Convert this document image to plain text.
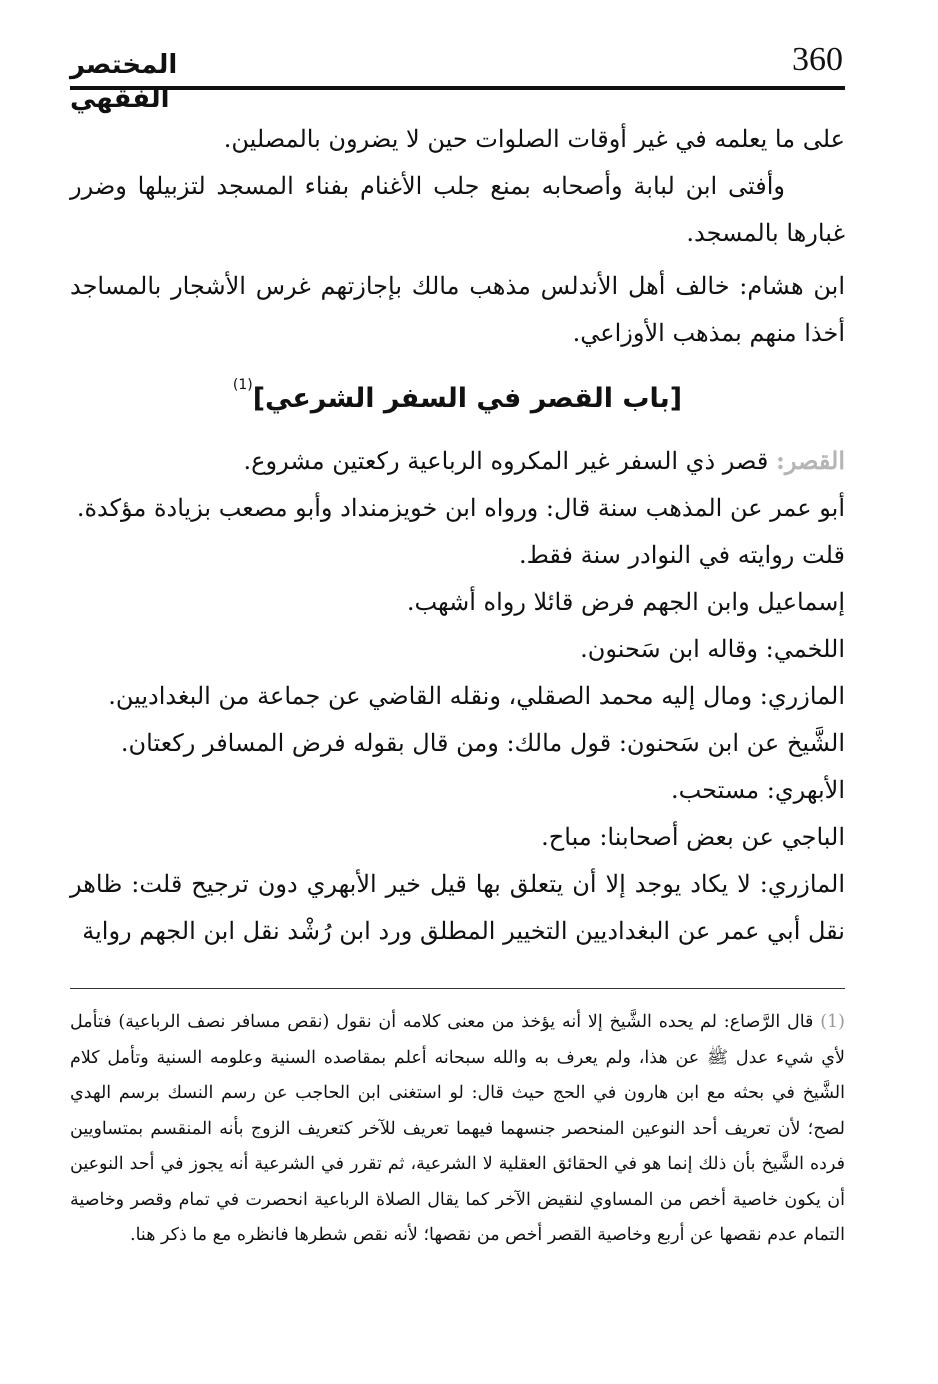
360
المختصر الفقهي

على ما يعلمه في غير أوقات الصلوات حين لا يضرون بالمصلين.

وأفتى ابن لبابة وأصحابه بمنع جلب الأغنام بفناء المسجد لتزبيلها وضرر غبارها بالمسجد.

ابن هشام: خالف أهل الأندلس مذهب مالك بإجازتهم غرس الأشجار بالمساجد أخذا منهم بمذهب الأوزاعي.

[باب القصر في السفر الشرعي]$^{(1)}$

القصر: قصر ذي السفر غير المكروه الرباعية ركعتين مشروع.

أبو عمر عن المذهب سنة قال: ورواه ابن خويزمنداد وأبو مصعب بزيادة مؤكدة.

قلت روايته في النوادر سنة فقط.

إسماعيل وابن الجهم فرض قائلا رواه أشهب.

اللخمي: وقاله ابن سَحنون.

المازري: ومال إليه محمد الصقلي، ونقله القاضي عن جماعة من البغداديين.

الشَّيخ عن ابن سَحنون: قول مالك: ومن قال بقوله فرض المسافر ركعتان.

الأبهري: مستحب.

الباجي عن بعض أصحابنا: مباح.

المازري: لا يكاد يوجد إلا أن يتعلق بها قيل خير الأبهري دون ترجيح قلت: ظاهر نقل أبي عمر عن البغداديين التخيير المطلق ورد ابن رُشْد نقل ابن الجهم رواية

(1) قال الرَّصاع: لم يحده الشَّيخ إلا أنه يؤخذ من معنى كلامه أن نقول (نقص مسافر نصف الرباعية) فتأمل لأي شيء عدل ﷺ عن هذا، ولم يعرف به والله سبحانه أعلم بمقاصده السنية وعلومه السنية وتأمل كلام الشَّيخ في بحثه مع ابن هارون في الحج حيث قال: لو استغنى ابن الحاجب عن رسم النسك برسم الهدي لصح؛ لأن تعريف أحد النوعين المنحصر جنسهما فيهما تعريف للآخر كتعريف الزوج بأنه المنقسم بمتساويين فرده الشَّيخ بأن ذلك إنما هو في الحقائق العقلية لا الشرعية، ثم تقرر في الشرعية أنه يجوز في أحد النوعين أن يكون خاصية أخص من المساوي لنقيض الآخر كما يقال الصلاة الرباعية انحصرت في تمام وقصر وخاصية التمام عدم نقصها عن أربع وخاصية القصر أخص من نقصها؛ لأنه نقص شطرها فانظره مع ما ذكر هنا.
